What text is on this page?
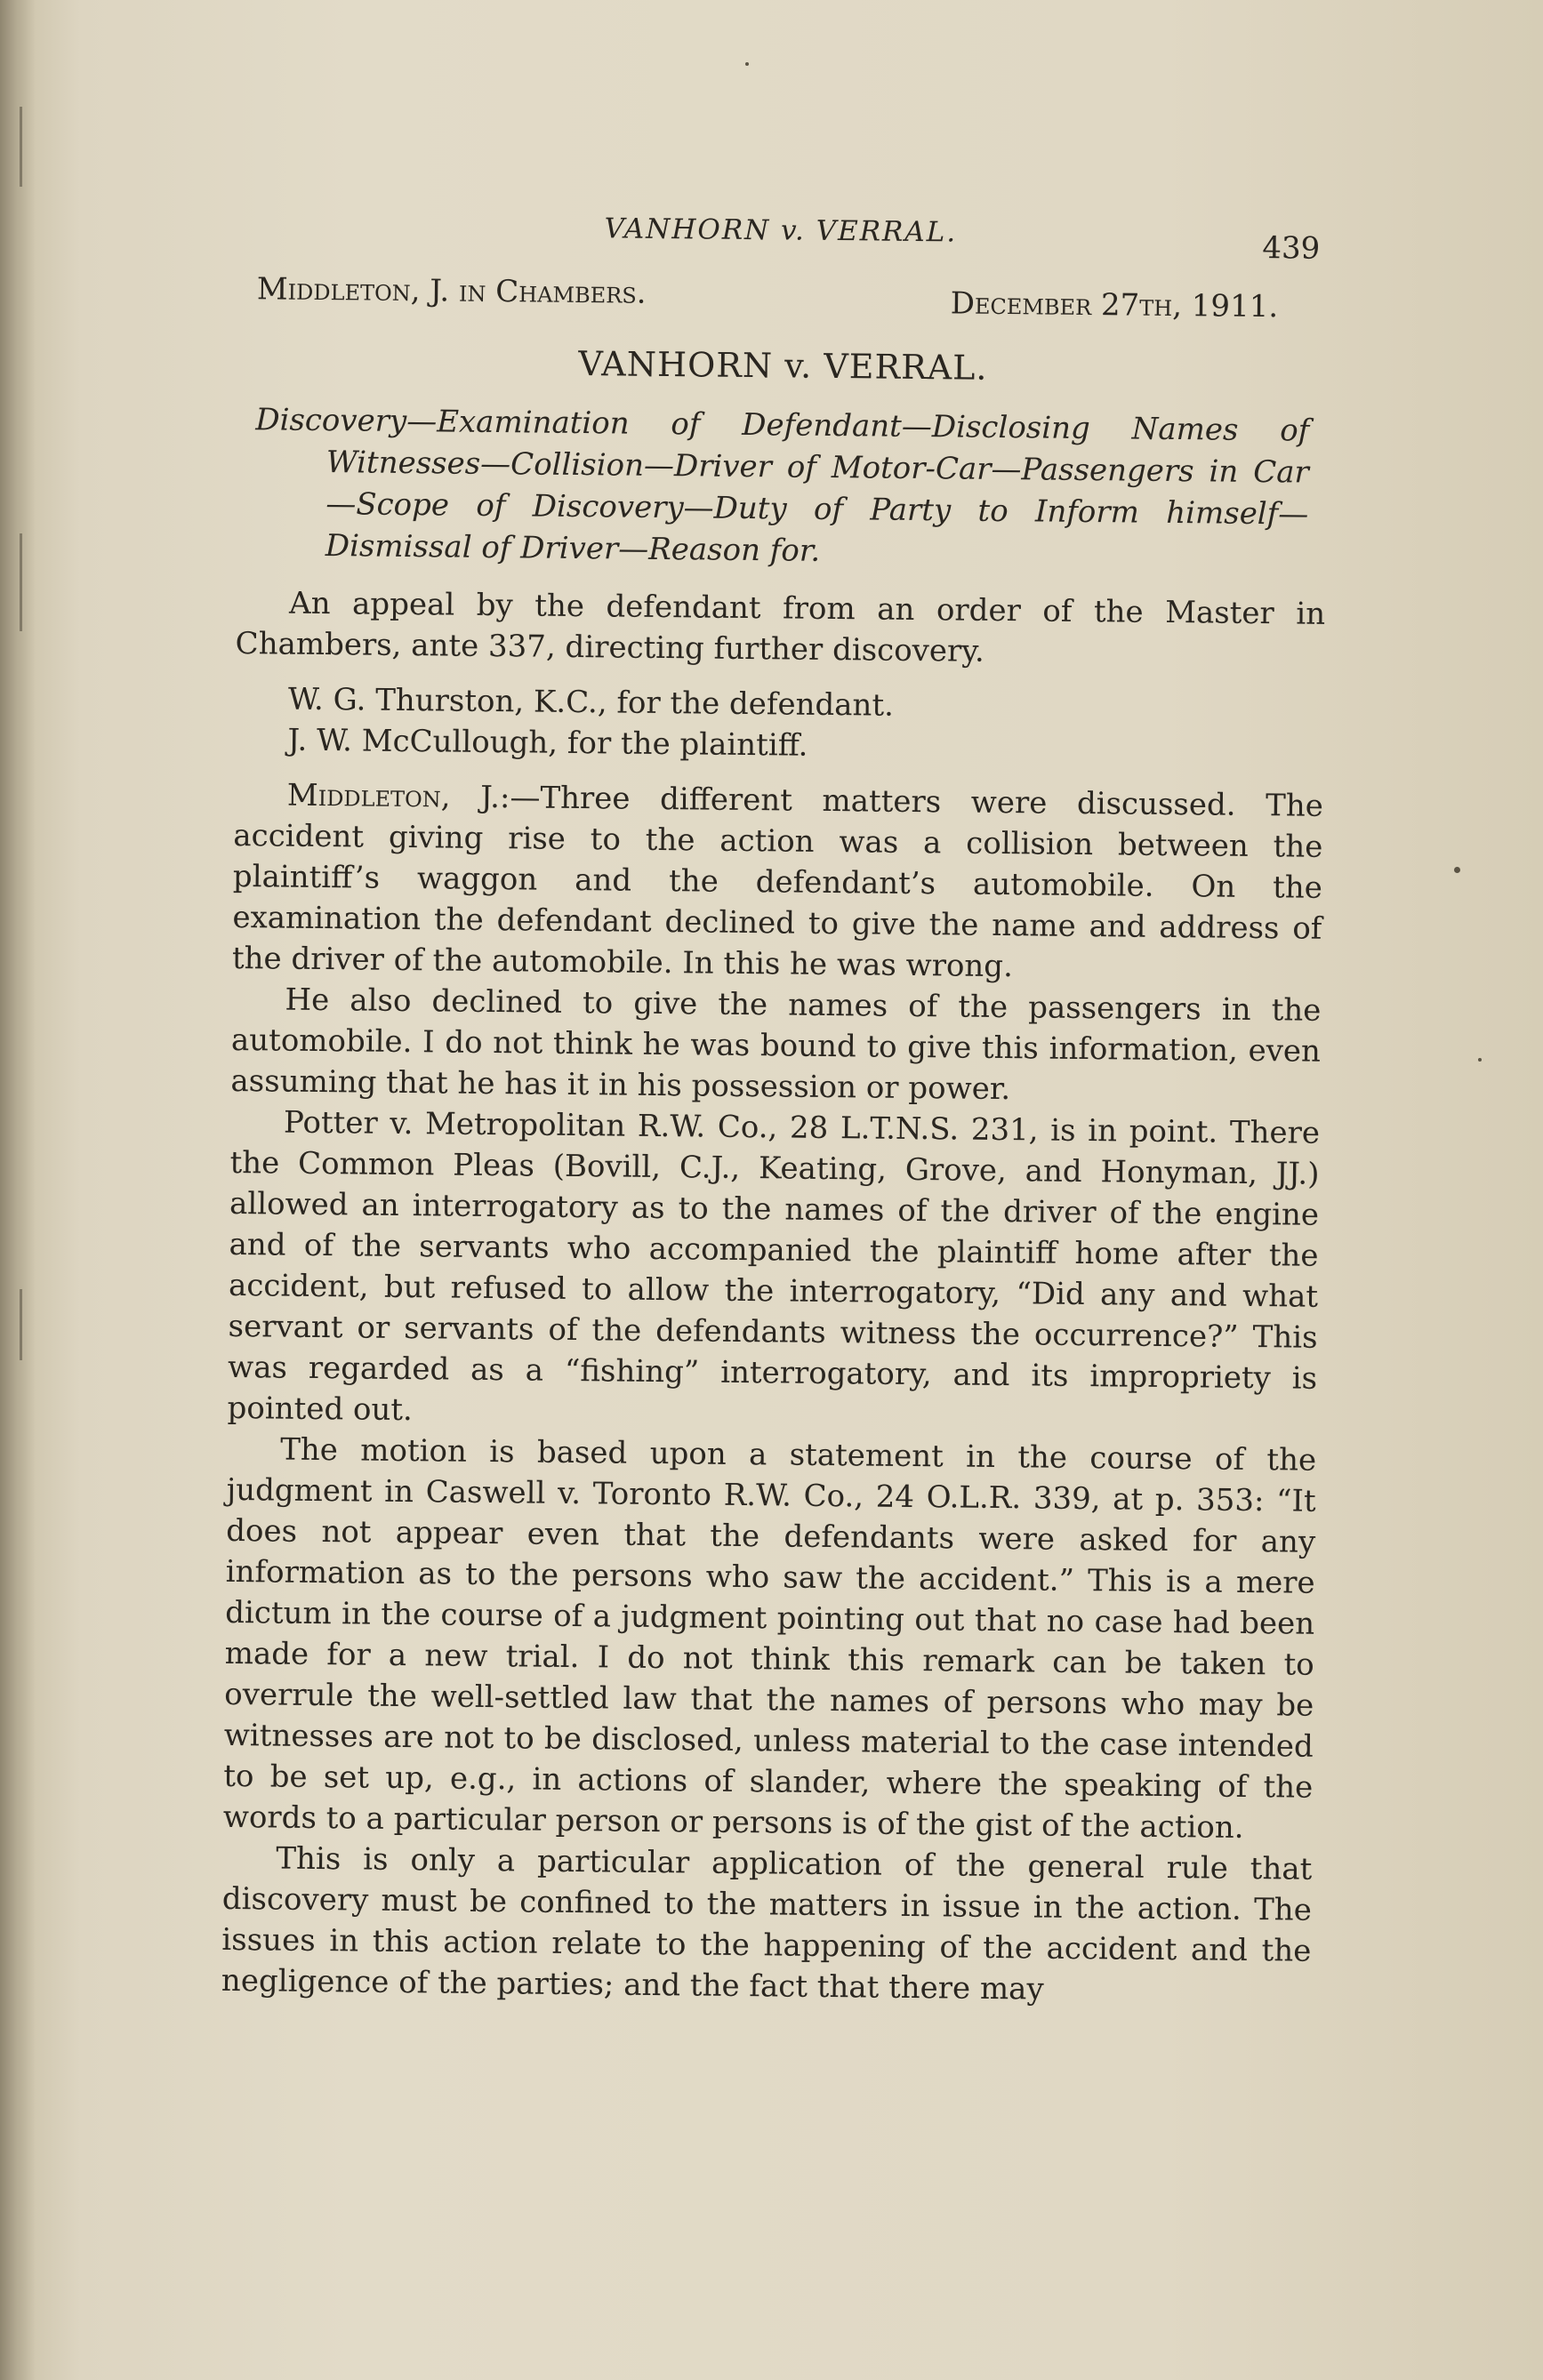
VANHORN v. VERRAL.	439
Middleton, J. in Chambers.	December 27th, 1911.
VANHORN v. VERRAL.

Discovery—Examination of Defendant—Disclosing Names of Witnesses—Collision—Driver of Motor-Car—Passengers in Car—Scope of Discovery—Duty of Party to Inform himself—Dismissal of Driver—Reason for.

An appeal by the defendant from an order of the Master in Chambers, ante 337, directing further discovery.

W. G. Thurston, K.C., for the defendant.

J. W. McCullough, for the plaintiff.

Middleton, J.:—Three different matters were discussed. The accident giving rise to the action was a collision between the plaintiff’s waggon and the defendant’s automobile. On the examination the defendant declined to give the name and address of the driver of the automobile. In this he was wrong.

He also declined to give the names of the passengers in the automobile. I do not think he was bound to give this information, even assuming that he has it in his possession or power.

Potter v. Metropolitan R.W. Co., 28 L.T.N.S. 231, is in point. There the Common Pleas (Bovill, C.J., Keating, Grove, and Honyman, JJ.) allowed an interrogatory as to the names of the driver of the engine and of the servants who accompanied the plaintiff home after the accident, but refused to allow the interrogatory, “Did any and what servant or servants of the defendants witness the occurrence?” This was regarded as a “fishing” interrogatory, and its impropriety is pointed out.

The motion is based upon a statement in the course of the judgment in Caswell v. Toronto R.W. Co., 24 O.L.R. 339, at p. 353: “It does not appear even that the defendants were asked for any information as to the persons who saw the accident.” This is a mere dictum in the course of a judgment pointing out that no case had been made for a new trial. I do not think this remark can be taken to overrule the well-settled law that the names of persons who may be witnesses are not to be disclosed, unless material to the case intended to be set up, e.g., in actions of slander, where the speaking of the words to a particular person or persons is of the gist of the action.

This is only a particular application of the general rule that discovery must be confined to the matters in issue in the action. The issues in this action relate to the happening of the accident and the negligence of the parties; and the fact that there may
